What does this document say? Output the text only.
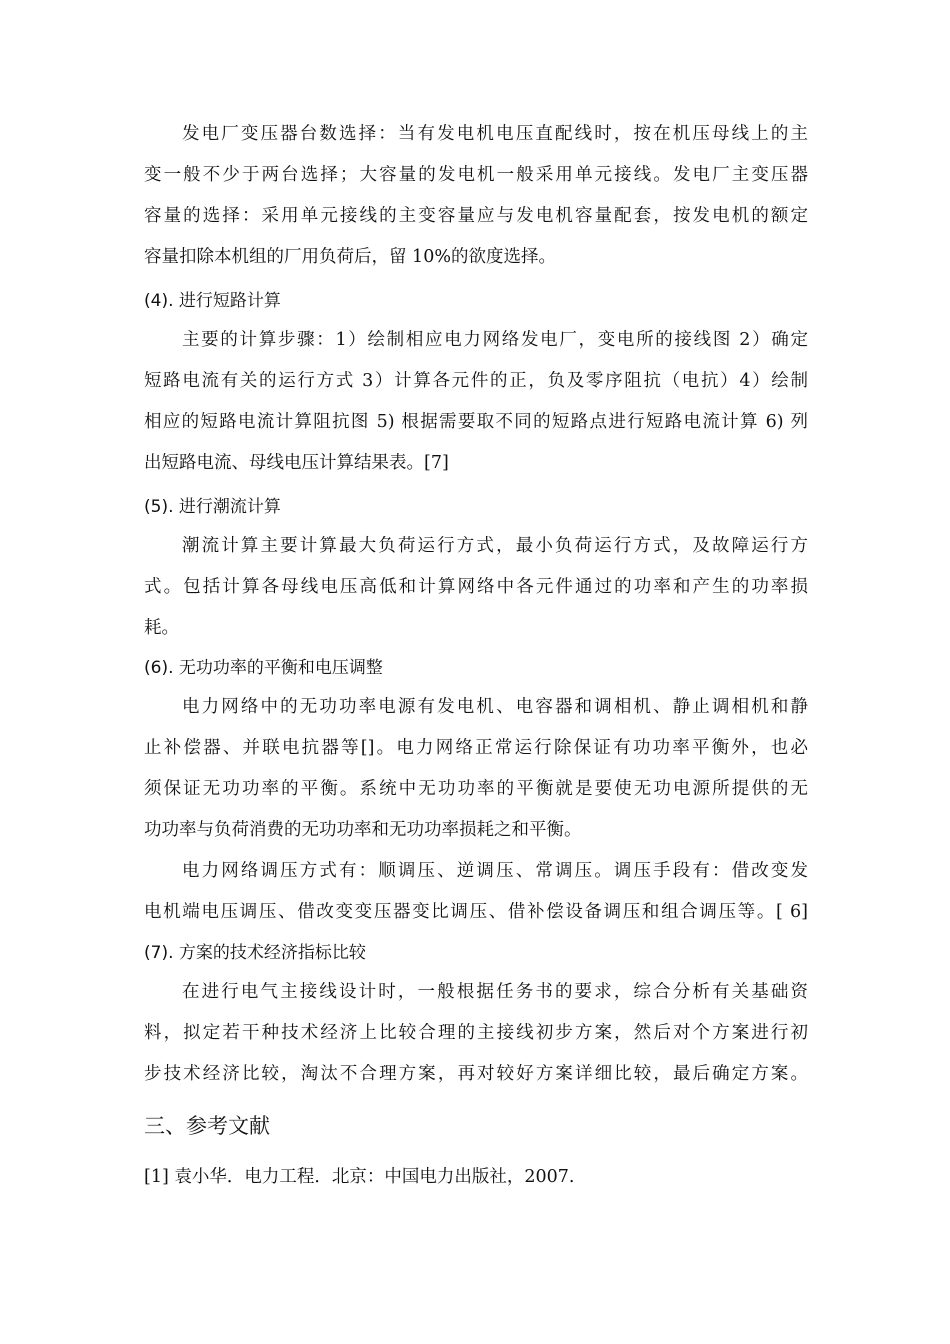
发电厂变压器台数选择：当有发电机电压直配线时，按在机压母线上的主
变一般不少于两台选择；大容量的发电机一般采用单元接线。发电厂主变压器
容量的选择：采用单元接线的主变容量应与发电机容量配套，按发电机的额定
容量扣除本机组的厂用负荷后，留 10%的欲度选择。
(4). 进行短路计算
主要的计算步骤：1）绘制相应电力网络发电厂，变电所的接线图 2）确定
短路电流有关的运行方式 3）计算各元件的正，负及零序阻抗（电抗）4）绘制
相应的短路电流计算阻抗图 5) 根据需要取不同的短路点进行短路电流计算 6) 列
出短路电流、母线电压计算结果表。[7]
(5). 进行潮流计算
潮流计算主要计算最大负荷运行方式，最小负荷运行方式，及故障运行方
式。包括计算各母线电压高低和计算网络中各元件通过的功率和产生的功率损
耗。
(6). 无功功率的平衡和电压调整
电力网络中的无功功率电源有发电机、电容器和调相机、静止调相机和静
止补偿器、并联电抗器等[]。电力网络正常运行除保证有功功率平衡外，也必
须保证无功功率的平衡。系统中无功功率的平衡就是要使无功电源所提供的无
功功率与负荷消费的无功功率和无功功率损耗之和平衡。
电力网络调压方式有：顺调压、逆调压、常调压。调压手段有：借改变发
电机端电压调压、借改变变压器变比调压、借补偿设备调压和组合调压等。[ 6]
(7). 方案的技术经济指标比较
在进行电气主接线设计时，一般根据任务书的要求，综合分析有关基础资
料，拟定若干种技术经济上比较合理的主接线初步方案，然后对个方案进行初
步技术经济比较，淘汰不合理方案，再对较好方案详细比较，最后确定方案。
三、参考文献
[1] 袁小华．电力工程．北京：中国电力出版社，2007.
